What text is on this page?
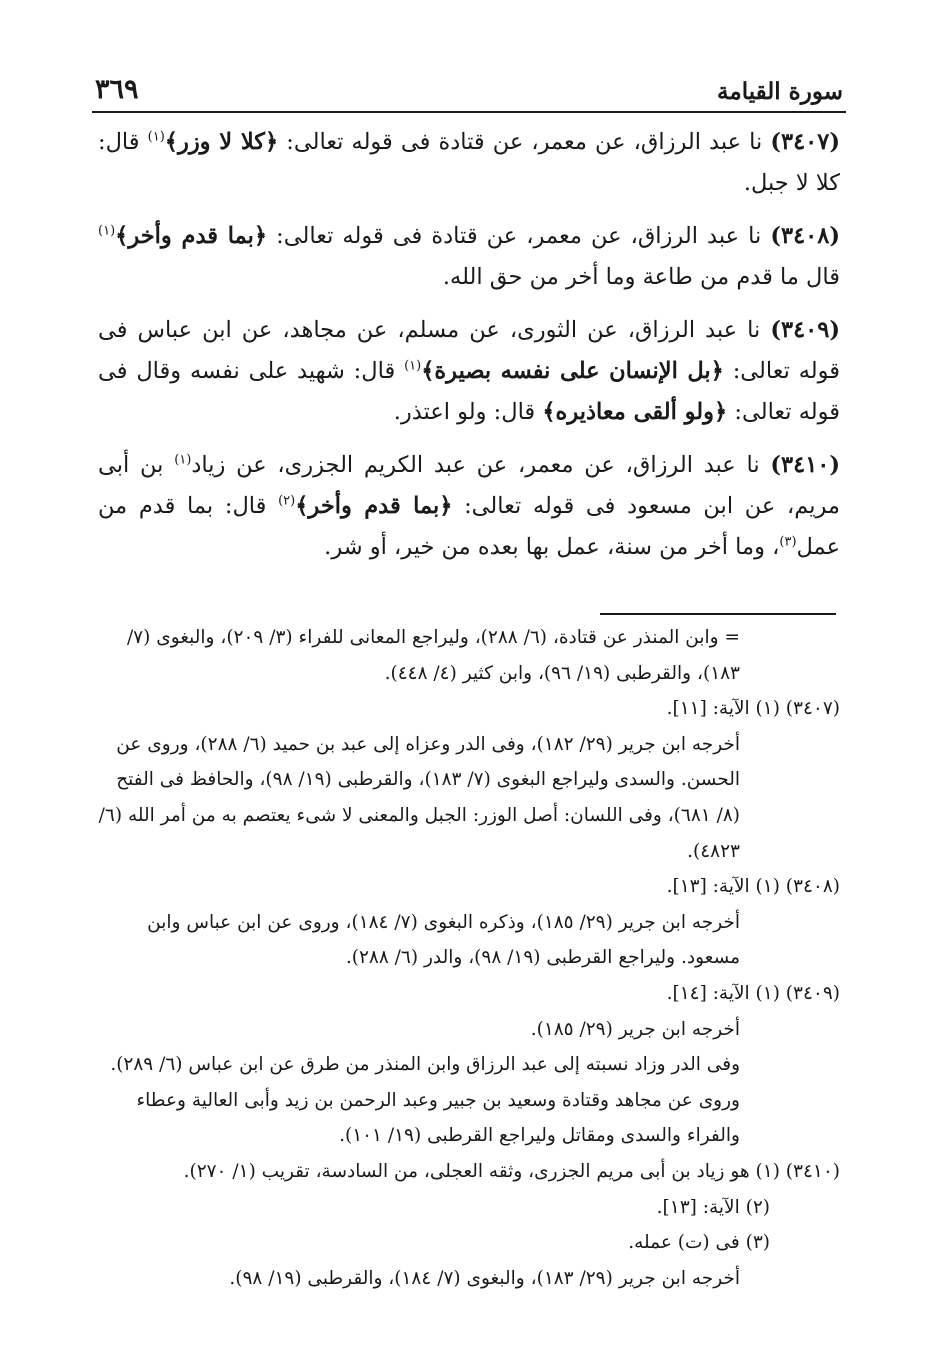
سورة القيامة
٣٦٩

(٣٤٠٧) نا عبد الرزاق، عن معمر، عن قتادة فى قوله تعالى: ﴿كلا لا وزر﴾$^{(١)}$ قال: كلا لا جبل.

(٣٤٠٨) نا عبد الرزاق، عن معمر، عن قتادة فى قوله تعالى: ﴿بما قدم وأخر﴾$^{(١)}$ قال ما قدم من طاعة وما أخر من حق الله.

(٣٤٠٩) نا عبد الرزاق، عن الثورى، عن مسلم، عن مجاهد، عن ابن عباس فى قوله تعالى: ﴿بل الإنسان على نفسه بصيرة﴾$^{(١)}$ قال: شهيد على نفسه وقال فى قوله تعالى: ﴿ولو ألقى معاذيره﴾ قال: ولو اعتذر.

(٣٤١٠) نا عبد الرزاق، عن معمر، عن عبد الكريم الجزرى، عن زياد$^{(١)}$ بن أبى مريم، عن ابن مسعود فى قوله تعالى: ﴿بما قدم وأخر﴾$^{(٢)}$ قال: بما قدم من عمل$^{(٣)}$، وما أخر من سنة، عمل بها بعده من خير، أو شر.

= وابن المنذر عن قتادة، (٦/ ٢٨٨)، وليراجع المعانى للفراء (٣/ ٢٠٩)، والبغوى (٧/ ١٨٣)، والقرطبى (١٩/ ٩٦)، وابن كثير (٤/ ٤٤٨).

(٣٤٠٧) (١) الآية: [١١].

أخرجه ابن جرير (٢٩/ ١٨٢)، وفى الدر وعزاه إلى عبد بن حميد (٦/ ٢٨٨)، وروى عن الحسن. والسدى وليراجع البغوى (٧/ ١٨٣)، والقرطبى (١٩/ ٩٨)، والحافظ فى الفتح (٨/ ٦٨١)، وفى اللسان: أصل الوزر: الجبل والمعنى لا شىء يعتصم به من أمر الله (٦/ ٤٨٢٣).

(٣٤٠٨) (١) الآية: [١٣].

أخرجه ابن جرير (٢٩/ ١٨٥)، وذكره البغوى (٧/ ١٨٤)، وروى عن ابن عباس وابن مسعود. وليراجع القرطبى (١٩/ ٩٨)، والدر (٦/ ٢٨٨).

(٣٤٠٩) (١) الآية: [١٤].

أخرجه ابن جرير (٢٩/ ١٨٥).

وفى الدر وزاد نسبته إلى عبد الرزاق وابن المنذر من طرق عن ابن عباس (٦/ ٢٨٩). وروى عن مجاهد وقتادة وسعيد بن جبير وعبد الرحمن بن زيد وأبى العالية وعطاء والفراء والسدى ومقاتل وليراجع القرطبى (١٩/ ١٠١).

(٣٤١٠) (١) هو زياد بن أبى مريم الجزرى، وثقه العجلى، من السادسة، تقريب (١/ ٢٧٠).

(٢) الآية: [١٣].

(٣) فى (ت) عمله.

أخرجه ابن جرير (٢٩/ ١٨٣)، والبغوى (٧/ ١٨٤)، والقرطبى (١٩/ ٩٨).
